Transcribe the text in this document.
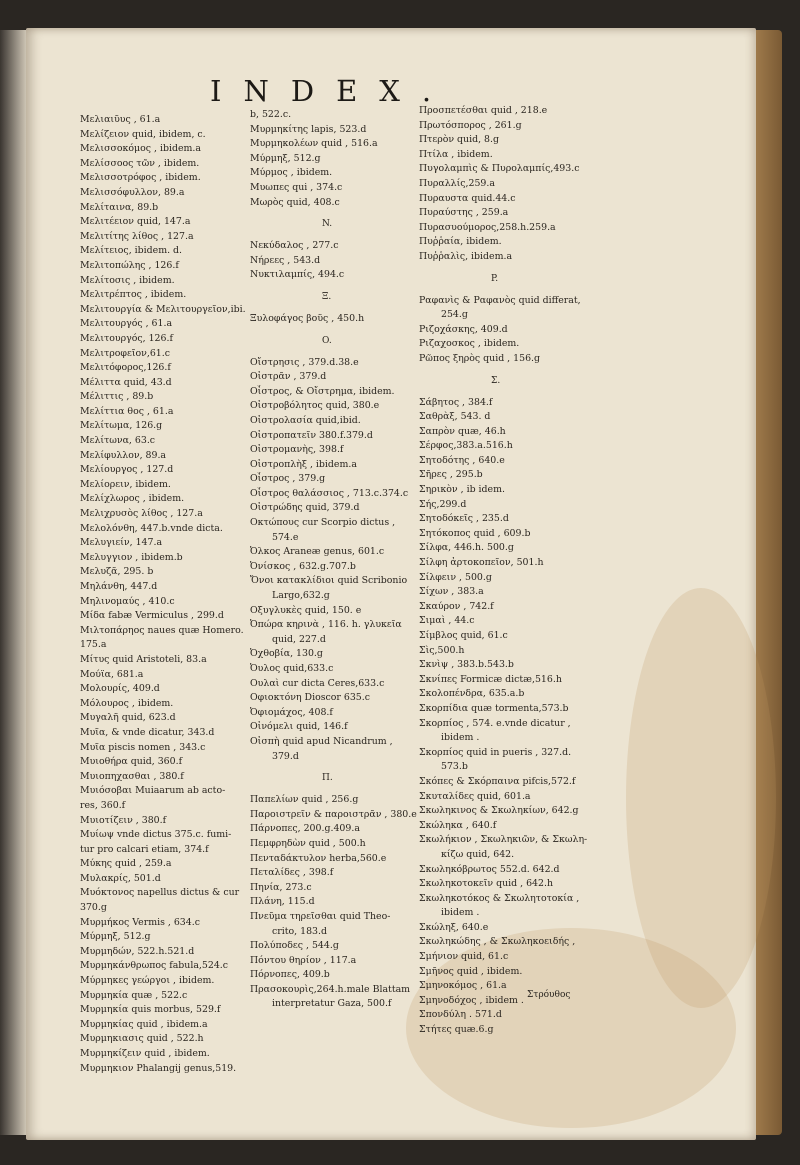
INDEX.
Μελιαιῦυς , 61.a
Μελίζειον quid, ibidem, c.
Μελισσοκόμος , ibidem.a
Μελίσσοος τῶν , ibidem.
Μελισσοτρόφος , ibidem.
Μελισσόφυλλον, 89.a
Μελίταινα, 89.b
Μελιτέειον quid, 147.a
Μελιτίτης λίθος , 127.a
Μελίτειος, ibidem. d.
Μελιτοπώλης , 126.f
Μελίτοσις , ibidem.
Μελιτρέπτος , ibidem.
Μελιτουργία & Μελιτουργεῖον,ibi.
Μελιτουργός , 61.a
Μελιτουργός, 126.f
Μελιτροφεῖον,61.c
Μελιτόφορος,126.f
Μέλιττα quid, 43.d
Μέλιττις , 89.b
Μελίττια θος , 61.a
Μελίτωμα, 126.g
Μελίτωνα, 63.c
Μελίφυλλον, 89.a
Μελίουργος , 127.d
Μελίορειν, ibidem.
Μελίχλωρος , ibidem.
Μελιχρυσὸς λίθος , 127.a
Μελολόνθη, 447.b.vnde dicta.
Μελυγιείν, 147.a
Μελυγγιον , ibidem.b
Μελυζᾶ, 295. b
Μηλάνθη, 447.d
Μηλινομαύς , 410.c
Μίδα fabæ Vermiculus , 299.d
Μιλτοπάρηος naues quæ Homero.
175.a
Μίτυς quid Aristoteli, 83.a
Μούϊα, 681.a
Μολουρίς, 409.d
Μόλουρος , ibidem.
Μυγαλῆ quid, 623.d
Μυῖα, & vnde dicatur, 343.d
Μυῖα piscis nomen , 343.c
Μυιοθήρα quid, 360.f
Μυιοπηχασθαι , 380.f
Μυιόσοβαι Muiaarum ab acto-
res, 360.f
Μυιοτίζειν , 380.f
Μυίωψ vnde dictus 375.c. fumi-
tur pro calcari etiam, 374.f
Μύκης quid , 259.a
Μυλακρίς, 501.d
Μυόκτονος napellus dictus & cur
370.g
Μυρμήκος Vermis , 634.c
Μύρμηξ, 512.g
Μυρμηδών, 522.h.521.d
Μυρμηκάνθρωπος fabula,524.c
Μύρμηκες γεώργοι , ibidem.
Μυρμηκία quæ , 522.c
Μυρμηκία quis morbus, 529.f
Μυρμηκίας quid , ibidem.a
Μυρμηκιασις quid , 522.h
Μυρμηκίζειν quid , ibidem.
Μυρμηκιον Phalangij genus,519.
b, 522.c.
Μυρμηκίτης lapis, 523.d
Μυρμηκολέων quid , 516.a
Μύρμηξ, 512.g
Μύρμος , ibidem.
Μυωπες qui , 374.c
Μωρὸς quid, 408.c
N.
Νεκύδαλος , 277.c
Νήρεες , 543.d
Νυκτιλαμπίς, 494.c
Ξ.
Ξυλοφάγος βοῦς , 450.h
O.
Οἴστρησις , 379.d.38.e
Οἰστρᾶν , 379.d
Οἶστρος, & Οἴστρημα, ibidem.
Οἰστροβόλητος quid, 380.e
Οἰστρολασία quid,ibid.
Οἰστροπατεῖν 380.f.379.d
Οἰστρομανὴς, 398.f
Οἰστροπλὴξ , ibidem.a
Οἶστρος , 379.g
Οἶστρος θαλάσσιος , 713.c.374.c
Οἰστρώδης quid, 379.d
Οκτώπους cur Scorpio dictus ,
574.e
Ὀλκος Araneæ genus, 601.c
Ὀνίσκος , 632.g.707.b
Ὄνοι κατακλίδιοι quid Scribonio
Largo,632.g
Οξυγλυκὲς quid, 150. e
Ὀπώρα κηρινὰ , 116. h. γλυκεῖα
quid, 227.d
Ὀχθοβία, 130.g
Ὀυλος quid,633.c
Ουλαὶ cur dicta Ceres,633.c
Οφιοκτόνη Dioscor 635.c
Ὀφιομάχος, 408.f
Οἰνόμελι quid, 146.f
Οἰσπὴ quid apud Nicandrum ,
379.d
Π.
Παπελίων quid , 256.g
Παροιστρεῖν & παροιστρᾶν , 380.e
Πάρνοπες, 200.g.409.a
Πεμφρηδὼν quid , 500.h
Πενταδάκτυλον herba,560.e
Πεταλίδες , 398.f
Πηνία, 273.c
Πλάνη, 115.d
Πνεῦμα τηρεῖσθαι quid Theo-
crito, 183.d
Πολύποδες , 544.g
Πόντου θηρίον , 117.a
Πόρνοπες, 409.b
Πρασοκουρὶς,264.h.male Blattam
interpretatur Gaza, 500.f
Προσπετέσθαι quid , 218.e
Πρωτόσπορος , 261.g
Πτερὸν quid, 8.g
Πτίλα , ibidem.
Πυγολαμπὶς & Πυρολαμπίς,493.c
Πυραλλίς,259.a
Πυραυστα quid.44.c
Πυραύστης , 259.a
Πυρασυούμορος,258.h.259.a
Πυῤῥαία, ibidem.
Πυῤῥαλὶς, ibidem.a
P.
Ραφανὶς & Ραφανὸς quid differat,
254.g
Ριζοχάσκης, 409.d
Ριζαχοσκος , ibidem.
Ρῶπος ξηρὸς quid , 156.g
Σ.
Σάβητος , 384.f
Σαθρὰξ, 543. d
Σαπρὸν quæ, 46.h
Σέρφος,383.a.516.h
Σητοδότης , 640.e
Σῆρες , 295.b
Σηρικὸν , ib idem.
Σής,299.d
Σητοδόκεῖς , 235.d
Σητόκοπος quid , 609.b
Σίλφα, 446.h. 500.g
Σίλφη ἀρτοκοπεῖον, 501.h
Σίλφειν , 500.g
Σίχων , 383.a
Σκαύρον , 742.f
Σιμαὶ , 44.c
Σίμβλος quid, 61.c
Σὶς,500.h
Σκνὶψ , 383.b.543.b
Σκνίπες Formicæ dictæ,516.h
Σκολοπένδρα, 635.a.b
Σκορπίδια quæ tormenta,573.b
Σκορπίος , 574. e.vnde dicatur ,
ibidem .
Σκορπίος quid in pueris , 327.d.
573.b
Σκόπες & Σκόρπαινα pifcis,572.f
Σκυταλίδες quid, 601.a
Σκωληκινος & Σκωληκίων, 642.g
Σκώληκα , 640.f
Σκωλήκιον , Σκωληκιῶν, & Σκωλη-
κίζω quid, 642.
Σκωληκόβρωτος 552.d. 642.d
Σκωληκοτοκεῖν quid , 642.h
Σκωληκοτόκος & Σκωλητοτοκία ,
ibidem .
Σκώληξ, 640.e
Σκωληκώδης , & Σκωληκοειδής ,
Σμήνιον quid, 61.c
Σμῆνος quid , ibidem.
Σμηνοκόμος , 61.a
Σμηνοδόχος , ibidem .
Σπονδύλη . 571.d
Στήτες quæ.6.g
Στρόυθος
